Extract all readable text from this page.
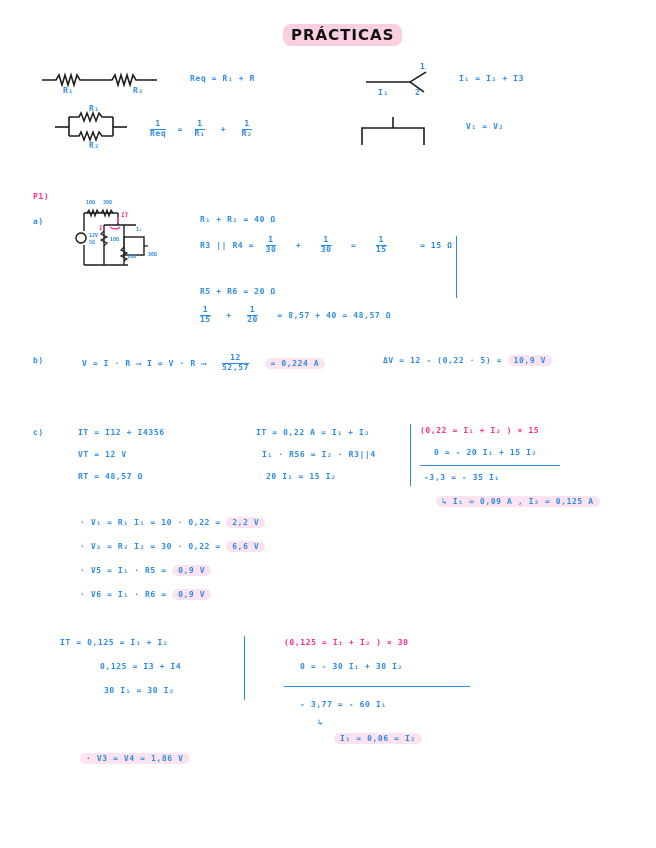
PRÁCTICAS
R₁	R₂
Req = R₁ + R
1
2
I₁
I₁ = I₂ + I3
R₁
R₂
$\frac{1}{\text{Req}} = \frac{1}{\text{R₁}} + \frac{1}{\text{R₂}}$	V₁ = V₂
P1)
a)
10Ω 30Ω
12V
5Ω
IT
I₁	I₂
10Ω
10Ω 30Ω
R₁ + R₂ = 40 Ω
R3 || $R4 = \frac{1}{30} + \frac{1}{30} = \frac{1}{15}$	= 15 Ω
R5 + R6 = 20 Ω
$\frac{1}{15} + \frac{1}{20} = 8,57 + 40 = 48,57$ Ω
b)	V = I · R ⟶ I = V · R ⟶ $\frac{12}{52,57}$	= 0,224 A	ΔV = 12 - (0,22 · 5) = 10,9 V
c)	IT = I12 + I4356
VT = 12 V
RT = 48,57 Ω
IT = 0,22 A = I₁ + I₂
I₁ · R56 = I₂ · R3||4
20 I₁ = 15 I₂
(0,22 = I₁ + I₂ ) × 15
0 = - 20 I₁ + 15 I₂
-3,3 = - 35 I₁
↳ I₁ = 0,09 A , I₂ = 0,125 A
· V₁ = R₁ I₁ = 10 · 0,22 = 2,2 V
· V₂ = R₂ I₂ = 30 · 0,22 = 6,6 V
· V5 = I₁ · R5 = 0,9 V
· V6 = I₁ · R6 = 0,9 V
IT = 0,125 = I₁ + I₂
0,125 = I3 + I4
30 I₁ = 30 I₂
(0,125 = I₁ + I₂ ) × 30
0 = - 30 I₁ + 30 I₂
- 3,77 = - 60 I₁
↳
I₁ = 0,06 = I₂
· V3 = V4 = 1,86 V
